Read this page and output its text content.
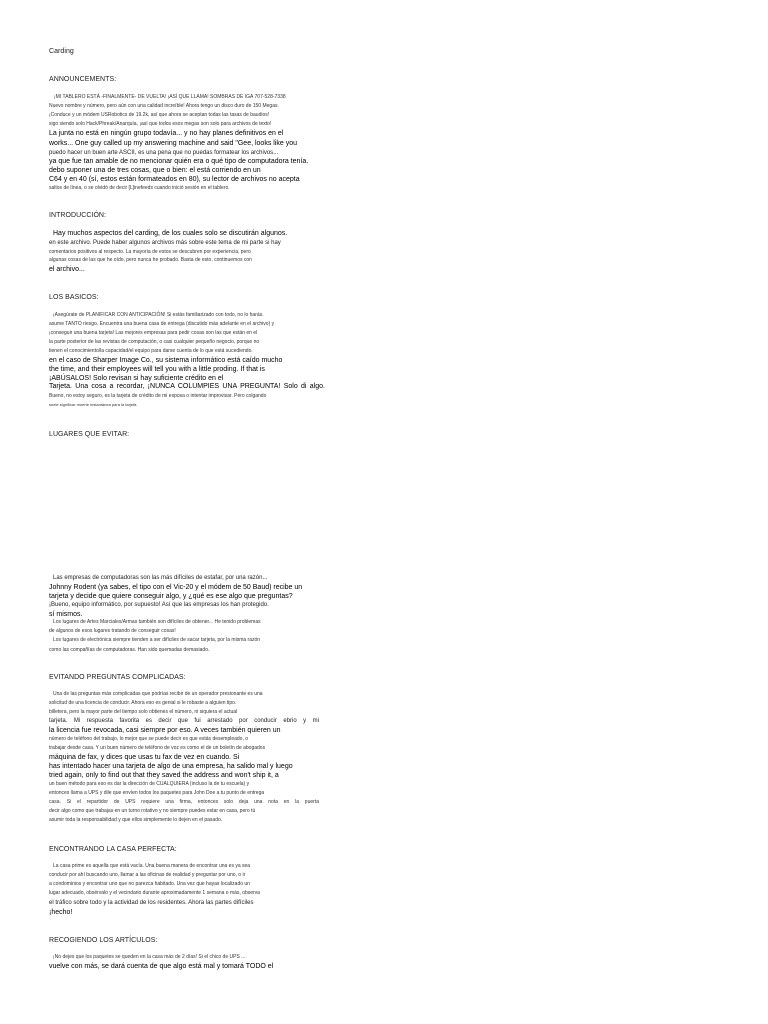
Carding
ANNOUNCEMENTS:
¡MI TABLERO ESTÁ -FINALMENTE- DE VUELTA! ¡ASÍ QUE LLAMA! SOMBRAS DE IGA 707-528-7338
Nuevo nombre y número, pero aún con una calidad increíble! Ahora tengo un disco duro de 150 Megas.
¡Conduce y un módem USRobotics de 19.2k, así que ahora se aceptan todas las tasas de baudios!
sigo siendo solo Hack/Phreak/Anarquía, ¡así que todos esos megas son solo para archivos de texto!
La junta no está en ningún grupo todavía... y no hay planes definitivos en el
works... One guy called up my answering machine and said "Gee, looks like you
puedo hacer un buen arte ASCII, es una pena que no puedas formatear los archivos...
ya que fue tan amable de no mencionar quién era o qué tipo de computadora tenía.
debo suponer una de tres cosas, que o bien: el está corriendo en un
C64 y en 40 (sí, estos están formateados en 80), su lector de archivos no acepta
saltos de línea, o se olvidó de decir [L]inefeeds cuando inició sesión en el tablero.
INTRODUCCIÓN:
Hay muchos aspectos del carding, de los cuales solo se discutirán algunos.
en este archivo. Puede haber algunos archivos más sobre este tema de mi parte si hay
comentarios positivos al respecto. La mayoría de estos se descubren por experiencia, pero
algunas cosas de las que he oído, pero nunca he probado. Basta de esto, continuemos con
el archivo...
LOS BASICOS:
¡Asegúrate de PLANIFICAR CON ANTICIPACIÓN! Si estás familiarizado con todo, no lo harás.
asume TANTO riesgo. Encuentra una buena casa de entrega (discutido más adelante en el archivo) y
¡conseguir una buena tarjeta! Las mejores empresas para pedir cosas son las que están en el
la parte posterior de las revistas de computación, o casi cualquier pequeño negocio, porque no
tienen el conocimiento/la capacidad/el equipo para darse cuenta de lo que está sucediendo.
en el caso de Sharper Image Co., su sistema informático está caído mucho
the time, and their employees will tell you with a little proding. If that is
¡ABÚSALOS! Solo revisan si hay suficiente crédito en el
Tarjeta. Una cosa a recordar, ¡NUNCA COLUMPIES UNA PREGUNTA! Solo di algo.
Bueno, no estoy seguro, es la tarjeta de crédito de mi esposa o intentar improvisar. Pero colgando
suele significar muerte instantánea para la tarjeta.
LUGARES QUE EVITAR:
Las empresas de computadoras son las más difíciles de estafar, por una razón...
Johnny Rodent (ya sabes, el tipo con el Vic-20 y el módem de 50 Baud) recibe un
tarjeta y decide que quiere conseguir algo, y ¿qué es ese algo que preguntas?
¡Bueno, equipo informático, por supuesto! Así que las empresas los han protegido.
sí mismos.
Los lugares de Artes Marciales/Armas también son difíciles de obtener... He tenido problemas
de algunos de esos lugares tratando de conseguir cosas!
Los lugares de electrónica siempre tienden a ser difíciles de sacar tarjeta, por la misma razón
como las compañías de computadoras. Han sido quemadas demasiado.
EVITANDO PREGUNTAS COMPLICADAS:
Una de las preguntas más complicadas que podrías recibir de un operador presionante es una
solicitud de una licencia de conducir. Ahora eso es genial si le robaste a alguien tipo.
billetera, pero la mayor parte del tiempo solo obtienes el número, ni siquiera el actual
tarjeta. Mi respuesta favorita es decir que fui arrestado por conducir ebrio y mi
la licencia fue revocada, casi siempre por eso. A veces también quieren un
número de teléfono del trabajo, lo mejor que se puede decir es que estás desempleado, o
trabajar desde casa. Y un buen número de teléfono de voz es como el de un boletín de abogados
máquina de fax, y dices que usas tu fax de vez en cuando. Si
has intentado hacer una tarjeta de algo de una empresa, ha salido mal y luego
tried again, only to find out that they saved the address and won't ship it, a
un buen método para eso es dar la dirección de CUALQUIERA (incluso la de tu escuela) y
entonces llama a UPS y dile que envíen todos los paquetes para John Doe a tu punto de entrega
casa. Si el repartidor de UPS requiere una firma, entonces solo deja una nota en la puerta
decir algo como que trabajas en un turno rotativo y no siempre puedes estar en casa, pero tú
asumir toda la responsabilidad y que ellos simplemente lo dejen en el pasado.
ENCONTRANDO LA CASA PERFECTA:
La casa prime es aquella que está vacía. Una buena manera de encontrar una es ya sea
conducir por ahí buscando uno, llamar a las oficinas de realidad y preguntar por uno, o ir
a condominios y encontrar uno que no parezca habitado. Una vez que hayas localizado un
lugar adecuado, obsérvalo y el vecindario durante aproximadamente 1 semana o más, observa
el tráfico sobre todo y la actividad de los residentes. Ahora las partes difíciles
¡hecho!
RECOGIENDO LOS ARTÍCULOS:
¡No dejes que los paquetes se queden en la casa más de 2 días! Si el chico de UPS ...
vuelve con más, se dará cuenta de que algo está mal y tomará TODO el
